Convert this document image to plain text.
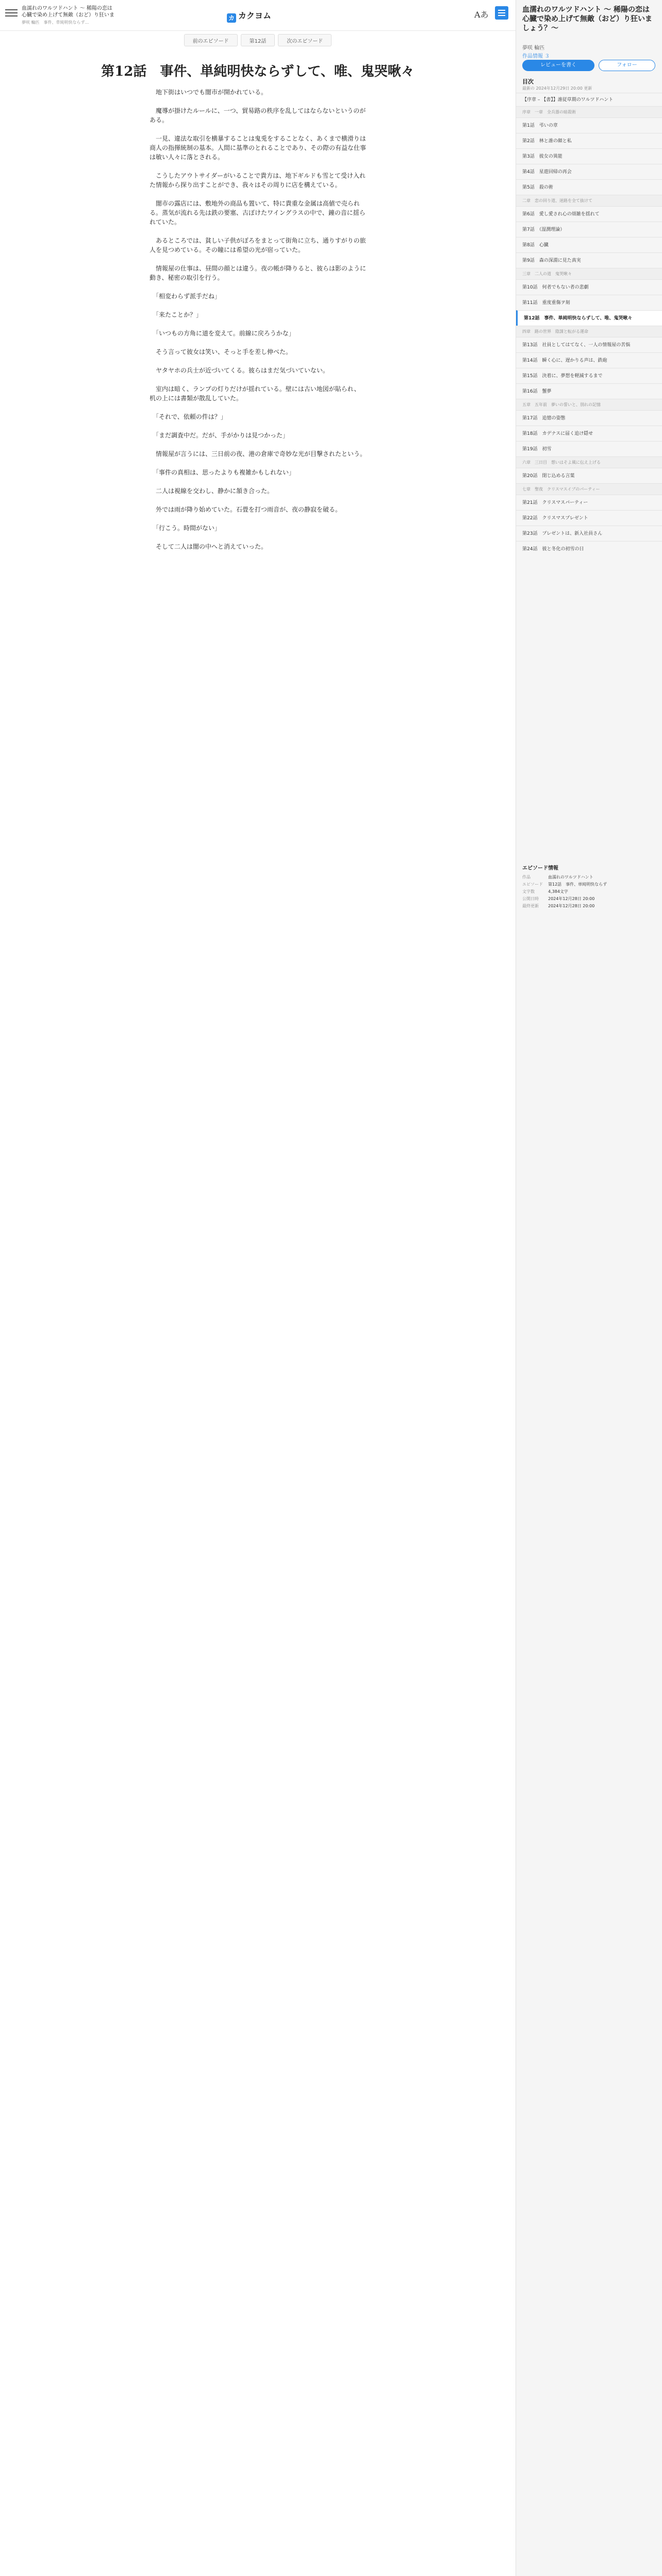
血濡れのワルツドハント ～ 稀陽の恋は心臓で染め上げて無敵（おど）り狂いま
夢咲 輪匹　事件、草純明快ならず…
カ カクヨム	Aあ
前のエピソード	第12話	次のエピソード
第12話　事件、単純明快ならずして、唯、鬼哭啾々

　地下街はいつでも闇市が開かれている。

　魔導が掛けたルールに、一つ、貿易路の秩序を乱してはならないというのがある。

　一見、違法な取引を横暴することは鬼兎をすることなく、あくまで横滑りは商人の指揮統制の基本。人間に基準のとれることであり、その際の有益な仕事は敏い人々に落とされる。

　こうしたアウトサイダーがいることで貴方は、地下ギルドも雪とて受け入れた情報から探り出すことができ、我々はその周りに店を構えている。

　闇市の露店には、敷地外の商品も置いて、特に貴重な金属は高値で売られる。蒸気が流れる先は鉄の要塞、古ぼけたワイングラスの中で、鐘の音に揺られていた。

　あるところでは、貧しい子供がぼろをまとって街角に立ち、通りすがりの旅人を見つめている。その瞳には希望の光が宿っていた。

　情報屋の仕事は、昼間の顔とは違う。夜の帳が降りると、彼らは影のように動き、秘密の取引を行う。

　「相変わらず派手だね」

　「来たことか？」

　「いつもの方角に道を変えて。前線に戻ろうかな」

　そう言って彼女は笑い、そっと手を差し伸べた。

　ヤタヤホの兵士が近づいてくる。彼らはまだ気づいていない。

　室内は暗く、ランプの灯りだけが揺れている。壁には古い地図が貼られ、机の上には書類が散乱していた。

　「それで、依頼の件は？」

　「まだ調査中だ。だが、手がかりは見つかった」

　情報屋が言うには、三日前の夜、港の倉庫で奇妙な光が目撃されたという。

　「事件の真相は、思ったよりも複雑かもしれない」

　二人は視線を交わし、静かに頷き合った。

　外では雨が降り始めていた。石畳を打つ雨音が、夜の静寂を破る。

　「行こう。時間がない」

　そして二人は闇の中へと消えていった。

血濡れのワルツドハント ～ 稀陽の恋は心臓で染め上げて無敵（おど）り狂いましょう？～
夢咲 輪匹
作品情報 ３
レビューを書く	フォロー
目次
最新の 2024年12月29日 20:00 更新
【序章 – 【書】】誰従草期のワルツドハント
序章　一章　全兵器の暗殺術
第1話　弔いの章
第2話　林と誰の顔と私
第3話　彼女の異能
第4話　星遊回帰の再会
第5話　殺の術
二章　恋の回り道、迷路を全て抜けて
第6話　愛し愛され心の煩雑を揺れて
第7話　（湿潤理論）
第8話　心臓
第9話　森の深淵に見た真実
三章　二人の道　鬼哭啾々
第10話　何者でもない者の悲劇
第11話　重度重傷ヲ刻
第12話　事件、単純明快ならずして、唯、鬼哭啾々
四章　路の世界　陰謀と転がる運命
第13話　社員としてはてなく、一人の情報屋の苦悩
第14話　瞬く心に、遅かりる声は、鉄砲
第15話　決着に、夢想を軽減するまで
第16話　蟹夢
五章　五年前　夢いの誓いと、別れの記憶
第17話　追憶の姿態
第18話　カデナスに届く追け隠せ
第19話　初雪
六章　三日目　想いはそよ風に伝え上げる
第20話　閉じ込める言葉
七章　聖夜　クリスマスイブのパーティー
第21話　クリスマスパーティー
第22話　クリスマスプレゼント
第23話　プレゼントは、新入社員さん
第24話　彼と冬化の初雪の日
エピソード情報
作品	血濡れのワルツドハント
エピソード	第12話　事件、単純明快ならず
文字数	4,384文字
公開日時	2024年12月28日 20:00
最終更新	2024年12月28日 20:00
